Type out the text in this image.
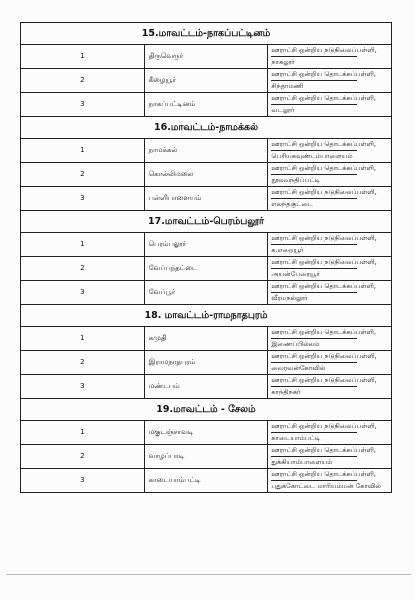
15.மாவட்டம்-நாகப்பட்டினம்		
1	திருவெருர்	ஊராட்சி ஒன்றிய நடுநிலைப்பள்ளி,
நாகலூர்

2	கீழையூர்	ஊராட்சி ஒன்றிய தொடக்கப்பள்ளி,
சிந்தாமணி

3	நாகப்பட்டினம்	ஊராட்சி ஒன்றிய தொடக்கப்பள்ளி,
வடலூர்

16.மாவட்டம்-நாமக்கல்		
1	நாமக்கல்	ஊராட்சி ஒன்றிய தொடக்கப்பள்ளி,
பெரியகவுண்டம்பாளையம்

2	கொல்லிமலை	ஊராட்சி ஒன்றிய தொடக்கப்பள்ளி,
நூலவந்திப்பட்டி

3	பள்ளிபாளையம்	ஊராட்சி ஒன்றிய நடுநிலைப்பள்ளி,
எலந்தகுட்டை

17.மாவட்டம்-பெரம்பலூர்		
1	பெரம்பலூர்	ஊராட்சி ஒன்றிய நடுநிலைப்பள்ளி,
க.எறையூர்

2	வேப்பந்தட்டை	ஊராட்சி ஒன்றிய நடுநிலைப்பள்ளி,
அயன்பேரையூர்

3	வேப்பூர்	ஊராட்சி ஒன்றிய தொடக்கப்பள்ளி,
வீரமநல்லூர்

18. மாவட்டம்-ராமநாதபுரம்		
1	கமுதி	ஊராட்சி ஒன்றிய தொடக்கப்பள்ளி,
இணைப்பில்லம்

2	இராமநாதபுரம்	ஊராட்சி ஒன்றிய நடுநிலைப்பள்ளி,
வைரவன்கோவில்

3	மண்டபம்	ஊராட்சி ஒன்றிய நடுநிலைப்பள்ளி,
காந்திநகர்

19.மாவட்டம் - சேலம்		
1	மகுடஞ்சாவடி	ஊராட்சி ஒன்றிய நடுநிலைப்பள்ளி,
காடையாம்பட்டி

2	வாழப்பாடி	ஊராட்சி ஒன்றிய தொடக்கப்பள்ளி,
துக்கியாம்பாளையம்

3	காடையாம்பட்டி	ஊராட்சி ஒன்றிய தொடக்கப்பள்ளி,
புதுக்கோட்டை மாரியம்மன் கோவில்
